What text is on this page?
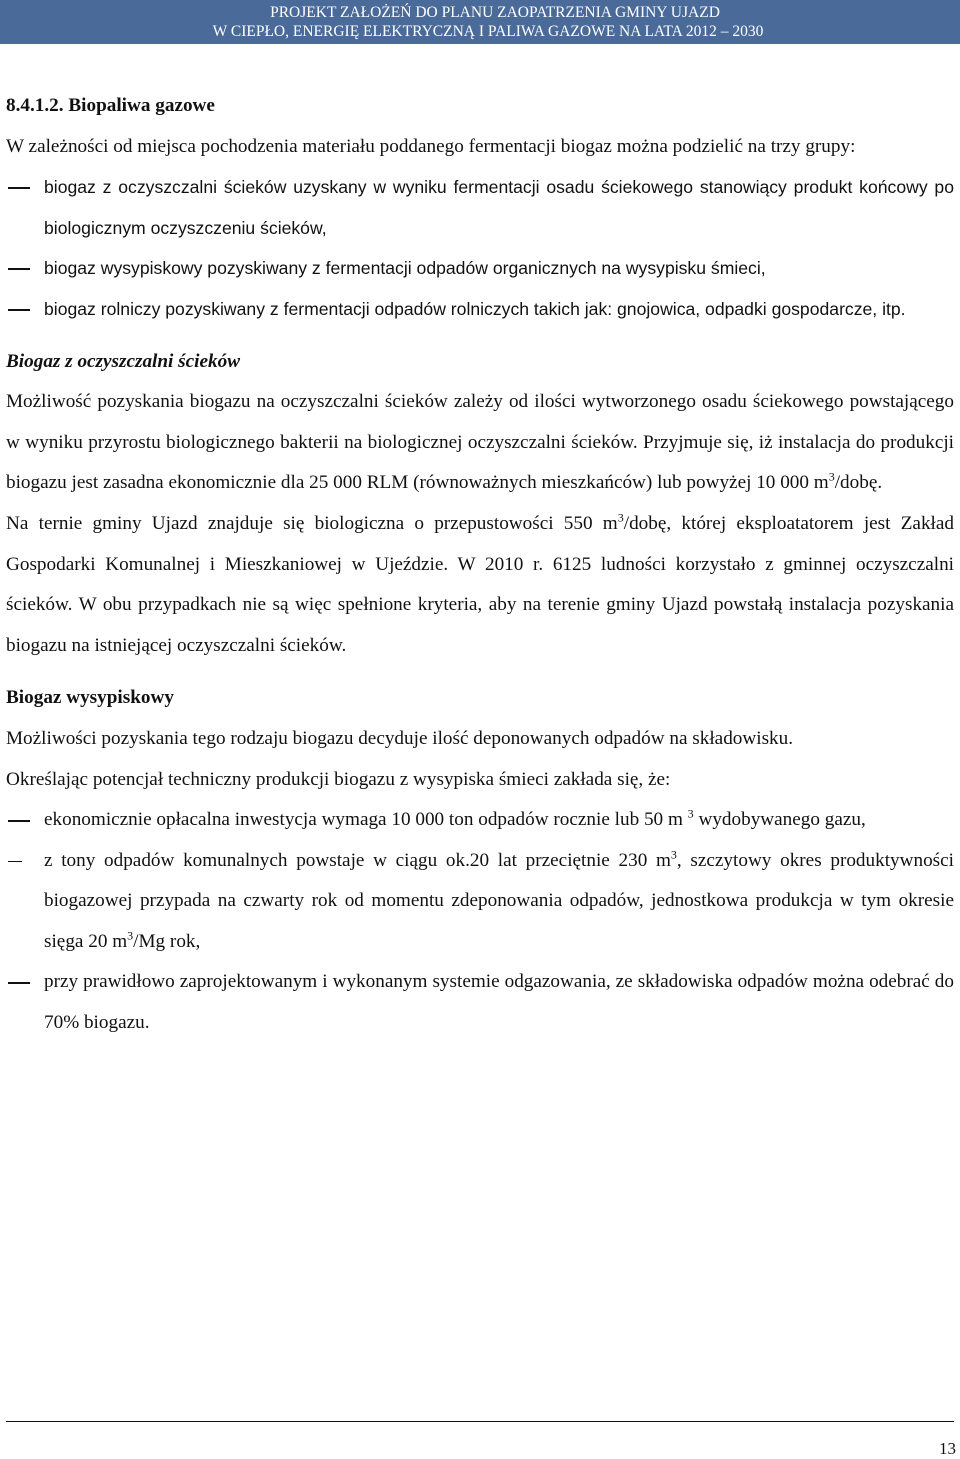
PROJEKT ZAŁOŻEŃ DO PLANU ZAOPATRZENIA GMINY UJAZD
W CIEPŁO, ENERGIĘ ELEKTRYCZNĄ I PALIWA GAZOWE NA LATA 2012 – 2030

8.4.1.2. Biopaliwa gazowe

W zależności od miejsca pochodzenia materiału poddanego fermentacji biogaz można podzielić na trzy grupy:

biogaz z oczyszczalni ścieków uzyskany w wyniku fermentacji osadu ściekowego stanowiący produkt końcowy po biologicznym oczyszczeniu ścieków,
biogaz wysypiskowy pozyskiwany z fermentacji odpadów organicznych na wysypisku śmieci,
biogaz rolniczy pozyskiwany z fermentacji odpadów rolniczych takich jak: gnojowica, odpadki gospodarcze, itp.

Biogaz z oczyszczalni ścieków

Możliwość pozyskania biogazu na oczyszczalni ścieków zależy od ilości wytworzonego osadu ściekowego powstającego w wyniku przyrostu biologicznego bakterii na biologicznej oczyszczalni ścieków. Przyjmuje się, iż instalacja do produkcji biogazu jest zasadna ekonomicznie dla 25 000 RLM (równoważnych mieszkańców) lub powyżej 10 000 $m^3$/dobę.

Na ternie gminy Ujazd znajduje się biologiczna o przepustowości 550 $m^3$/dobę, której eksploatatorem jest Zakład Gospodarki Komunalnej i Mieszkaniowej w Ujeździe. W 2010 r. 6125 ludności korzystało z gminnej oczyszczalni ścieków. W obu przypadkach nie są więc spełnione kryteria, aby na terenie gminy Ujazd powstałą instalacja pozyskania biogazu na istniejącej oczyszczalni ścieków.

Biogaz wysypiskowy

Możliwości pozyskania tego rodzaju biogazu decyduje ilość deponowanych odpadów na składowisku.

Określając potencjał techniczny produkcji biogazu z wysypiska śmieci zakłada się, że:

ekonomicznie opłacalna inwestycja wymaga 10 000 ton odpadów rocznie lub 50 m $^3$ wydobywanego gazu,
z tony odpadów komunalnych powstaje w ciągu ok.20 lat przeciętnie 230 $m^3$, szczytowy okres produktywności biogazowej przypada na czwarty rok od momentu zdeponowania odpadów, jednostkowa produkcja w tym okresie sięga 20 $m^3/Mg$ rok,
przy prawidłowo zaprojektowanym i wykonanym systemie odgazowania, ze składowiska odpadów można odebrać do 70% biogazu.
13
